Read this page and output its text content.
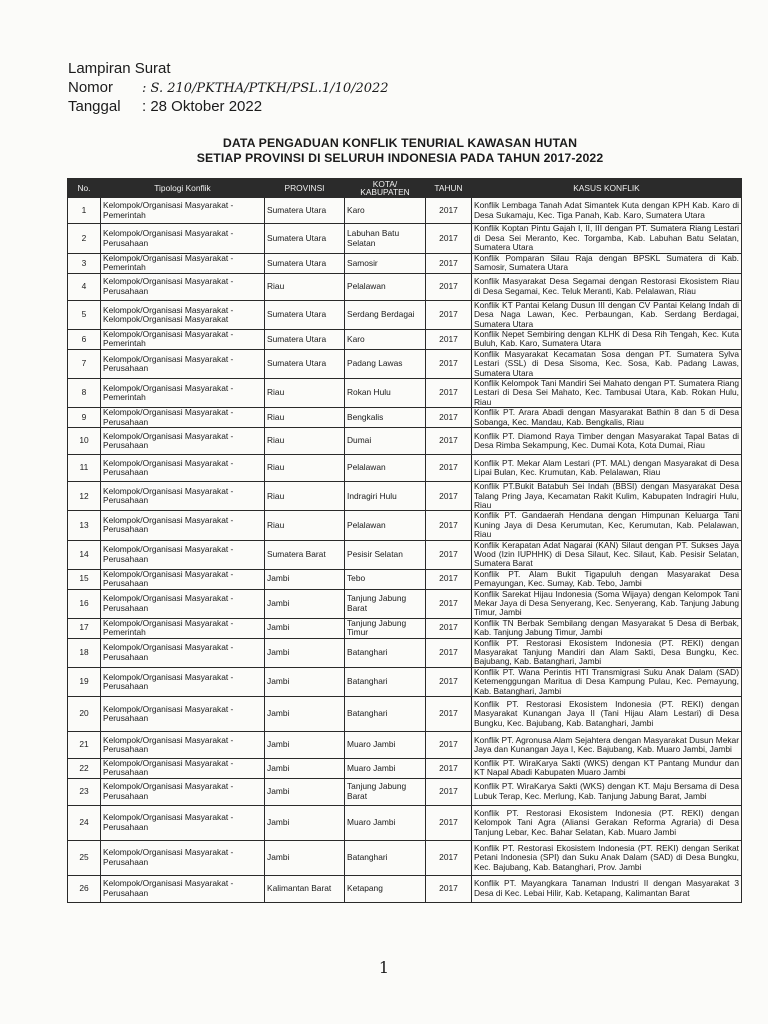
Lampiran Surat
Nomor	: S. 210/PKTHA/PTKH/PSL.1/10/2022
Tanggal	: 28 Oktober 2022
DATA PENGADUAN KONFLIK TENURIAL KAWASAN HUTAN
SETIAP PROVINSI DI SELURUH INDONESIA PADA TAHUN 2017-2022
No.	Tipologi Konflik	PROVINSI	KOTA/ KABUPATEN	TAHUN	KASUS KONFLIK
1	Kelompok/Organisasi Masyarakat - Pemerintah	Sumatera Utara	Karo	2017	Konflik Lembaga Tanah Adat Simantek Kuta dengan KPH Kab. Karo di Desa Sukamaju, Kec. Tiga Panah, Kab. Karo, Sumatera Utara
2	Kelompok/Organisasi Masyarakat - Perusahaan	Sumatera Utara	Labuhan Batu Selatan	2017	Konflik Koptan Pintu Gajah I, II, III dengan PT. Sumatera Riang Lestari di Desa Sei Meranto, Kec. Torgamba, Kab. Labuhan Batu Selatan, Sumatera Utara
3	Kelompok/Organisasi Masyarakat - Pemerintah	Sumatera Utara	Samosir	2017	Konflik Pomparan Silau Raja dengan BPSKL Sumatera di Kab. Samosir, Sumatera Utara
4	Kelompok/Organisasi Masyarakat - Perusahaan	Riau	Pelalawan	2017	Konflik Masyarakat Desa Segamai dengan Restorasi Ekosistem Riau di Desa Segamai, Kec. Teluk Meranti, Kab. Pelalawan, Riau
5	Kelompok/Organisasi Masyarakat - Kelompok/Organisasi Masyarakat	Sumatera Utara	Serdang Berdagai	2017	Konflik KT Pantai Kelang Dusun III dengan CV Pantai Kelang Indah di Desa Naga Lawan, Kec. Perbaungan, Kab. Serdang Berdagai, Sumatera Utara
6	Kelompok/Organisasi Masyarakat - Pemerintah	Sumatera Utara	Karo	2017	Konflik Nepet Sembiring dengan KLHK di Desa Rih Tengah, Kec. Kuta Buluh, Kab. Karo, Sumatera Utara
7	Kelompok/Organisasi Masyarakat - Perusahaan	Sumatera Utara	Padang Lawas	2017	Konflik Masyarakat Kecamatan Sosa dengan PT. Sumatera Sylva Lestari (SSL) di Desa Sisoma, Kec. Sosa, Kab. Padang Lawas, Sumatera Utara
8	Kelompok/Organisasi Masyarakat - Pemerintah	Riau	Rokan Hulu	2017	Konflik Kelompok Tani Mandiri Sei Mahato dengan PT. Sumatera Riang Lestari di Desa Sei Mahato, Kec. Tambusai Utara, Kab. Rokan Hulu, Riau
9	Kelompok/Organisasi Masyarakat - Perusahaan	Riau	Bengkalis	2017	Konflik PT. Arara Abadi dengan Masyarakat Bathin 8 dan 5 di Desa Sobanga, Kec. Mandau, Kab. Bengkalis, Riau
10	Kelompok/Organisasi Masyarakat - Perusahaan	Riau	Dumai	2017	Konflik PT. Diamond Raya Timber dengan Masyarakat Tapal Batas di Desa Rimba Sekampung, Kec. Dumai Kota, Kota Dumai, Riau
11	Kelompok/Organisasi Masyarakat - Perusahaan	Riau	Pelalawan	2017	Konflik PT. Mekar Alam Lestari (PT. MAL) dengan Masyarakat di Desa Lipai Bulan, Kec. Krumutan, Kab. Pelalawan, Riau
12	Kelompok/Organisasi Masyarakat - Perusahaan	Riau	Indragiri Hulu	2017	Konflik PT.Bukit Batabuh Sei Indah (BBSI) dengan Masyarakat Desa Talang Pring Jaya, Kecamatan Rakit Kulim, Kabupaten Indragiri Hulu, Riau
13	Kelompok/Organisasi Masyarakat - Perusahaan	Riau	Pelalawan	2017	Konflik PT. Gandaerah Hendana dengan Himpunan Keluarga Tani Kuning Jaya di Desa Kerumutan, Kec, Kerumutan, Kab. Pelalawan, Riau
14	Kelompok/Organisasi Masyarakat - Perusahaan	Sumatera Barat	Pesisir Selatan	2017	Konflik Kerapatan Adat Nagarai (KAN) Silaut dengan PT. Sukses Jaya Wood (Izin IUPHHK) di Desa Silaut, Kec. Silaut, Kab. Pesisir Selatan, Sumatera Barat
15	Kelompok/Organisasi Masyarakat - Perusahaan	Jambi	Tebo	2017	Konflik PT. Alam Bukit Tigapuluh dengan Masyarakat Desa Pemayungan, Kec. Sumay, Kab. Tebo, Jambi
16	Kelompok/Organisasi Masyarakat - Perusahaan	Jambi	Tanjung Jabung Barat	2017	Konflik Sarekat Hijau Indonesia (Soma Wijaya) dengan Kelompok Tani Mekar Jaya di Desa Senyerang, Kec. Senyerang, Kab. Tanjung Jabung Timur, Jambi
17	Kelompok/Organisasi Masyarakat - Pemerintah	Jambi	Tanjung Jabung Timur	2017	Konflik TN Berbak Sembilang dengan Masyarakat 5 Desa di Berbak, Kab. Tanjung Jabung Timur, Jambi
18	Kelompok/Organisasi Masyarakat - Perusahaan	Jambi	Batanghari	2017	Konflik PT. Restorasi Ekosistem Indonesia (PT. REKI) dengan Masyarakat Tanjung Mandiri dan Alam Sakti, Desa Bungku, Kec. Bajubang, Kab. Batanghari, Jambi
19	Kelompok/Organisasi Masyarakat - Perusahaan	Jambi	Batanghari	2017	Konflik PT. Wana Perintis HTI Transmigrasi Suku Anak Dalam (SAD) Ketemenggungan Maritua di Desa Kampung Pulau, Kec. Pemayung, Kab. Batanghari, Jambi
20	Kelompok/Organisasi Masyarakat - Perusahaan	Jambi	Batanghari	2017	Konflik PT. Restorasi Ekosistem Indonesia (PT. REKI) dengan Masyarakat Kunangan Jaya II (Tani Hijau Alam Lestari) di Desa Bungku, Kec. Bajubang, Kab. Batanghari, Jambi
21	Kelompok/Organisasi Masyarakat - Perusahaan	Jambi	Muaro Jambi	2017	Konflik PT. Agronusa Alam Sejahtera dengan Masyarakat Dusun Mekar Jaya dan Kunangan Jaya I, Kec. Bajubang, Kab. Muaro Jambi, Jambi
22	Kelompok/Organisasi Masyarakat - Perusahaan	Jambi	Muaro Jambi	2017	Konflik PT. WiraKarya Sakti (WKS) dengan KT Pantang Mundur dan KT Napal Abadi Kabupaten Muaro Jambi
23	Kelompok/Organisasi Masyarakat - Perusahaan	Jambi	Tanjung Jabung Barat	2017	Konflik PT. WiraKarya Sakti (WKS) dengan KT. Maju Bersama di Desa Lubuk Terap, Kec. Merlung, Kab. Tanjung Jabung Barat, Jambi
24	Kelompok/Organisasi Masyarakat - Perusahaan	Jambi	Muaro Jambi	2017	Konflik PT. Restorasi Ekosistem Indonesia (PT. REKI) dengan Kelompok Tani Agra (Aliansi Gerakan Reforma Agraria) di Desa Tanjung Lebar, Kec. Bahar Selatan, Kab. Muaro Jambi
25	Kelompok/Organisasi Masyarakat - Perusahaan	Jambi	Batanghari	2017	Konflik PT. Restorasi Ekosistem Indonesia (PT. REKI) dengan Serikat Petani Indonesia (SPI) dan Suku Anak Dalam (SAD) di Desa Bungku, Kec. Bajubang, Kab. Batanghari, Prov. Jambi
26	Kelompok/Organisasi Masyarakat - Perusahaan	Kalimantan Barat	Ketapang	2017	Konflik PT. Mayangkara Tanaman Industri II dengan Masyarakat 3 Desa di Kec. Lebai Hilir, Kab. Ketapang, Kalimantan Barat
1
